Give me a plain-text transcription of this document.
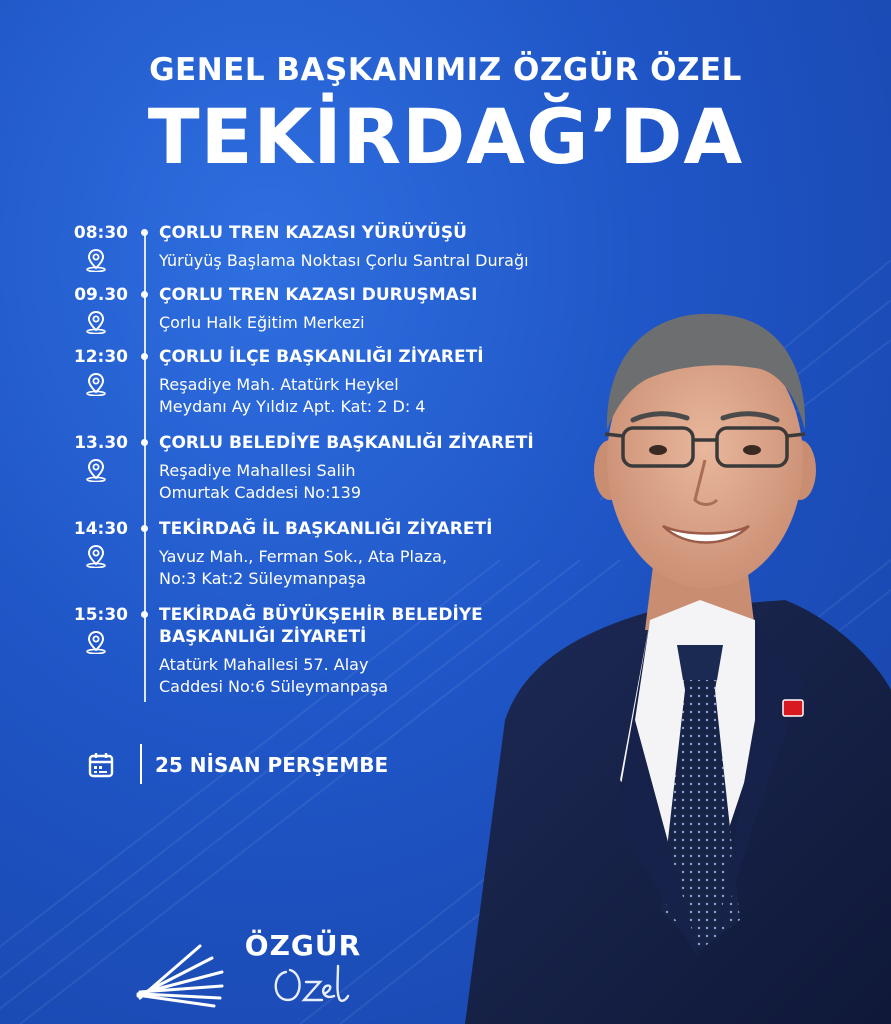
GENEL BAŞKANIMIZ ÖZGÜR ÖZEL
TEKİRDAĞ’DA
08:30 ÇORLU TREN KAZASI YÜRÜYÜŞÜ
Yürüyüş Başlama Noktası Çorlu Santral Durağı
09.30 ÇORLU TREN KAZASI DURUŞMASI
Çorlu Halk Eğitim Merkezi
12:30 ÇORLU İLÇE BAŞKANLIĞI ZİYARETİ
Reşadiye Mah. Atatürk Heykel
Meydanı Ay Yıldız Apt. Kat: 2 D: 4
13.30 ÇORLU BELEDİYE BAŞKANLIĞI ZİYARETİ
Reşadiye Mahallesi Salih
Omurtak Caddesi No:139
14:30 TEKİRDAĞ İL BAŞKANLIĞI ZİYARETİ
Yavuz Mah., Ferman Sok., Ata Plaza,
No:3 Kat:2 Süleymanpaşa
15:30 TEKİRDAĞ BÜYÜKŞEHİR BELEDİYE
BAŞKANLIĞI ZİYARETİ
Atatürk Mahallesi 57. Alay
Caddesi No:6 Süleymanpaşa
25 NİSAN PERŞEMBE
ÖZGÜR
